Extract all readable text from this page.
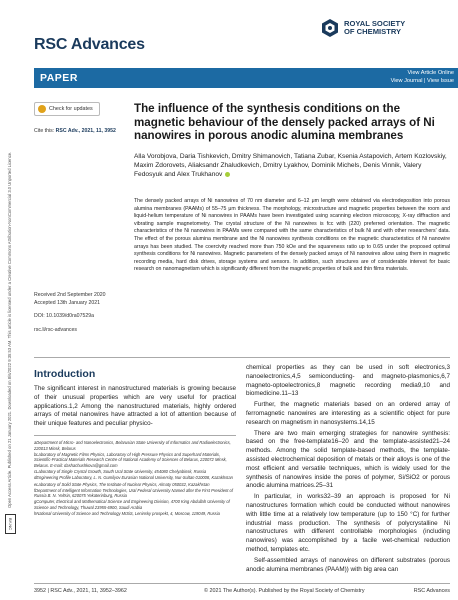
Open Access Article. Published on 21 January 2021. Downloaded on 8/6/2022 9:35:53 AM. This article is licensed under a Creative Commons Attribution-NonCommercial 3.0 Unported Licence.
BY-NC
RSC Advances
ROYAL SOCIETY
OF CHEMISTRY
PAPER	View Article Online
View Journal | View Issue
Check for updates
Cite this: RSC Adv., 2021, 11, 3952
The influence of the synthesis conditions on the magnetic behaviour of the densely packed arrays of Ni nanowires in porous anodic alumina membranes
Alla Vorobjova, Daria Tishkevich, Dmitry Shimanovich, Tatiana Zubar, Ksenia Astapovich, Artem Kozlovskiy, Maxim Zdorovets, Aliaksandr Zhaludkevich, Dmitry Lyakhov, Dominik Michels, Denis Vinnik, Valery Fedosyuk and Alex Trukhanov
The densely packed arrays of Ni nanowires of 70 nm diameter and 6–12 μm length were obtained via electrodeposition into porous alumina membranes (PAAMs) of 55–75 μm thickness. The morphology, microstructure and magnetic properties between the room and liquid-helium temperature of Ni nanowires in PAAMs have been investigated using scanning electron microscopy, X-ray diffraction and vibrating sample magnetometry. The crystal structure of the Ni nanowires is fcc with (220) preferred orientation. The magnetic characteristics of the Ni nanowires in PAAMs were compared with the same characteristics of bulk Ni and with other researchers' data. The effect of the porous alumina membrane and the Ni nanowires synthesis conditions on the magnetic characteristics of Ni nanowire arrays has been studied. The coercivity reached more than 750 kOe and the squareness ratio up to 0.65 under the proposed optimal synthesis conditions for Ni nanowires. Magnetic parameters of the densely packed arrays of Ni nanowires allow using them in magnetic recording media, hard disk drives, storage systems and sensors. In addition, such structures are of considerable interest for basic research on nanomagnetism which is significantly different from the magnetic properties of bulk and thin films materials.
Received 2nd September 2020
Accepted 13th January 2021
DOI: 10.1039/d0ra07529a
rsc.li/rsc-advances
Introduction

The significant interest in nanostructured materials is growing because of their unusual properties which are very useful for practical applications.1,2 Among the nanostructured materials, highly ordered arrays of metal nanowires have attracted a lot of attention because of their unique features and peculiar physico-

aDepartment of Micro- and Nanoelectronics, Belarusian State University of Informatics and Radioelectronics, 220013 Minsk, Belarus
bLaboratory of Magnetic Films Physics, Laboratory of High Pressure Physics and Superhard Materials, Scientific-Practical Materials Research Centre of National Academy of Sciences of Belarus, 220072 Minsk, Belarus. E-mail: dashachushkova@gmail.com
cLaboratory of Single Crystal Growth, South Ural State University, 454080 Chelyabinsk, Russia
dEngineering Profile Laboratory, L. N. Gumilyov Eurasian National University, Nur-Sultan 010008, Kazakhstan
eLaboratory of Solid State Physics, The Institute of Nuclear Physics, Almaty 050032, Kazakhstan
fDepartment of Intelligent Information Technologies, Ural Federal University Named after the First President of Russia B. N. Yeltsin, 620075 Yekaterinburg, Russia
gComputer, Electrical and Mathematical Science and Engineering Division, 4700 King Abdullah University of Science and Technology, Thuwal 23955-6900, Saudi Arabia
hNational University of Science and Technology MISiS, Leninsky prospekt, 4, Moscow, 119049, Russia

chemical properties as they can be used in soft electronics,3 nanoelectronics,4,5 semiconducting- and magneto-plasmonics,6,7 magneto-optoelectronics,8 magnetic recording media9,10 and biomedicine.11–13

Further, the magnetic materials based on an ordered array of ferromagnetic nanowires are interesting as a scientific object for pure research on magnetism in nanosystems.14,15

There are two main emerging strategies for nanowire synthesis: based on the free-template16–20 and the template-assisted21–24 methods. Among the solid template-based methods, the template-assisted electrochemical deposition of metals or their alloys is one of the most efficient and versatile techniques, which is widely used for the synthesis of nanowires inside the pores of polymer, Si/SiO2 or porous anodic alumina matrices.25–31

In particular, in works32–39 an approach is proposed for Ni nanostructures formation which could be conducted without nanowires with little time at a relatively low temperature (up to 150 °C) for further industrial mass production. The synthesis of polycrystalline Ni nanostructures with different controllable morphologies (including nanowires) was accomplished by a facile wet-chemical reduction method, templates etc.

Self-assembled arrays of nanowires on different substrates (porous anodic alumina membranes (PAAM)) with big area can

3952 | RSC Adv., 2021, 11, 3952–3962	© 2021 The Author(s). Published by the Royal Society of Chemistry	RSC Advances
